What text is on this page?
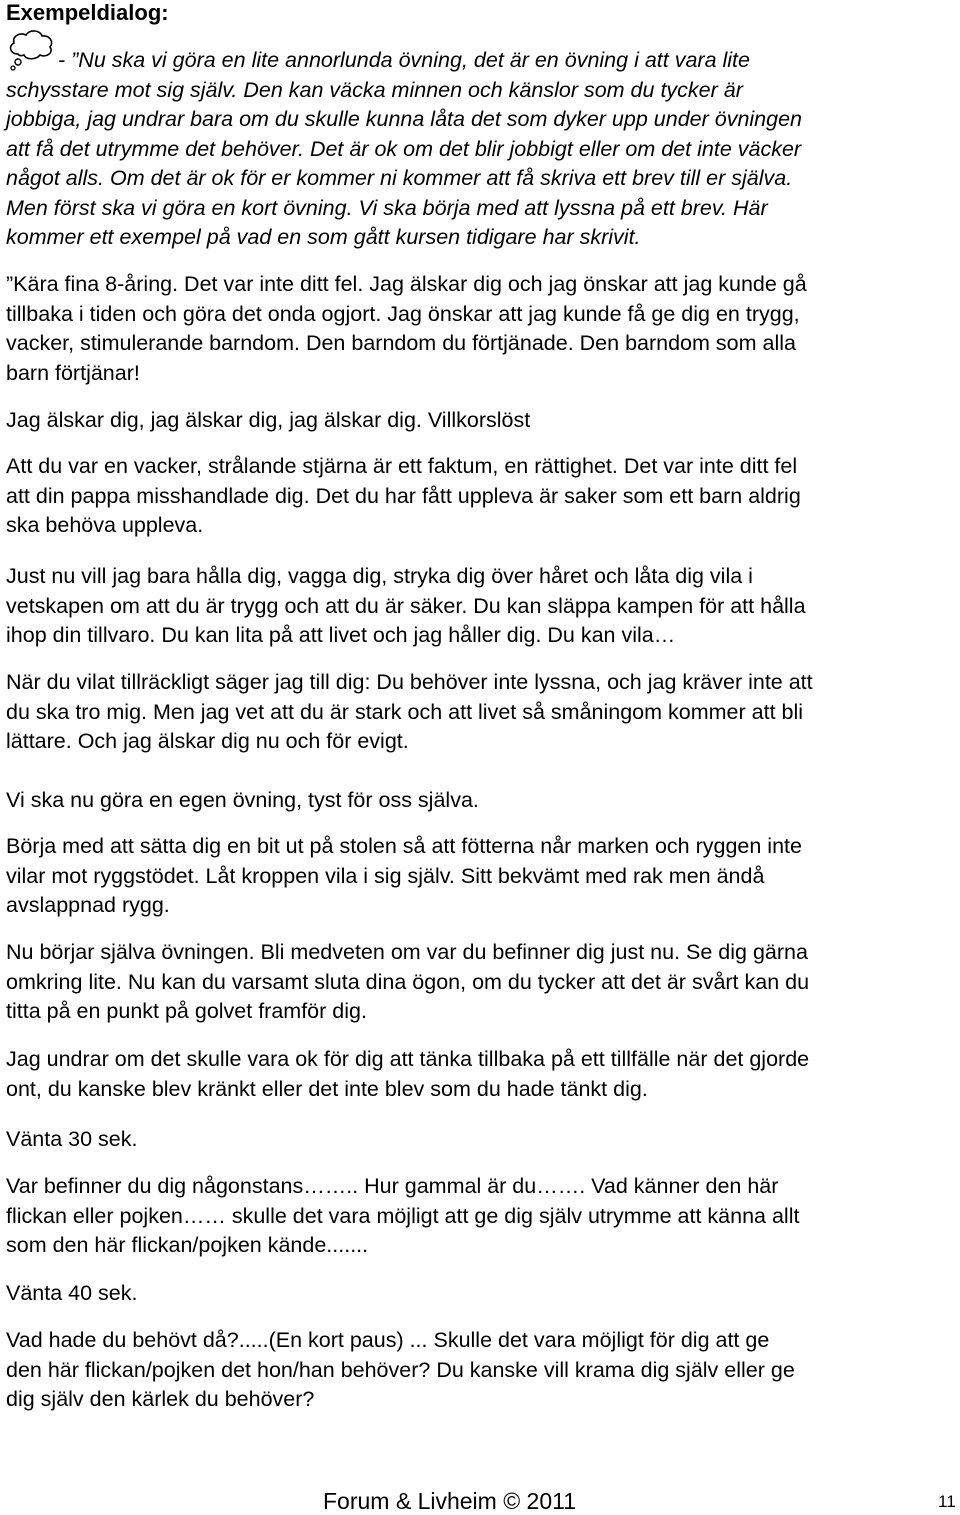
Exempeldialog:
- ”Nu ska vi göra en lite annorlunda övning, det är en övning i att vara lite
schysstare mot sig själv. Den kan väcka minnen och känslor som du tycker är
jobbiga, jag undrar bara om du skulle kunna låta det som dyker upp under övningen
att få det utrymme det behöver. Det är ok om det blir jobbigt eller om det inte väcker
något alls. Om det är ok för er kommer ni kommer att få skriva ett brev till er själva.
Men först ska vi göra en kort övning. Vi ska börja med att lyssna på ett brev. Här
kommer ett exempel på vad en som gått kursen tidigare har skrivit.
”Kära fina 8-åring. Det var inte ditt fel. Jag älskar dig och jag önskar att jag kunde gå
tillbaka i tiden och göra det onda ogjort. Jag önskar att jag kunde få ge dig en trygg,
vacker, stimulerande barndom. Den barndom du förtjänade. Den barndom som alla
barn förtjänar!
Jag älskar dig, jag älskar dig, jag älskar dig. Villkorslöst
Att du var en vacker, strålande stjärna är ett faktum, en rättighet. Det var inte ditt fel
att din pappa misshandlade dig. Det du har fått uppleva är saker som ett barn aldrig
ska behöva uppleva.
Just nu vill jag bara hålla dig, vagga dig, stryka dig över håret och låta dig vila i
vetskapen om att du är trygg och att du är säker. Du kan släppa kampen för att hålla
ihop din tillvaro. Du kan lita på att livet och jag håller dig. Du kan vila…
När du vilat tillräckligt säger jag till dig: Du behöver inte lyssna, och jag kräver inte att
du ska tro mig. Men jag vet att du är stark och att livet så småningom kommer att bli
lättare. Och jag älskar dig nu och för evigt.
Vi ska nu göra en egen övning, tyst för oss själva.
Börja med att sätta dig en bit ut på stolen så att fötterna når marken och ryggen inte
vilar mot ryggstödet. Låt kroppen vila i sig själv. Sitt bekvämt med rak men ändå
avslappnad rygg.
Nu börjar själva övningen. Bli medveten om var du befinner dig just nu. Se dig gärna
omkring lite. Nu kan du varsamt sluta dina ögon, om du tycker att det är svårt kan du
titta på en punkt på golvet framför dig.
Jag undrar om det skulle vara ok för dig att tänka tillbaka på ett tillfälle när det gjorde
ont, du kanske blev kränkt eller det inte blev som du hade tänkt dig.
Vänta 30 sek.
Var befinner du dig någonstans…….. Hur gammal är du……. Vad känner den här
flickan eller pojken…… skulle det vara möjligt att ge dig själv utrymme att känna allt
som den här flickan/pojken kände.......
Vänta 40 sek.
Vad hade du behövt då?.....(En kort paus) ... Skulle det vara möjligt för dig att ge
den här flickan/pojken det hon/han behöver? Du kanske vill krama dig själv eller ge
dig själv den kärlek du behöver?
Forum & Livheim © 2011	11
